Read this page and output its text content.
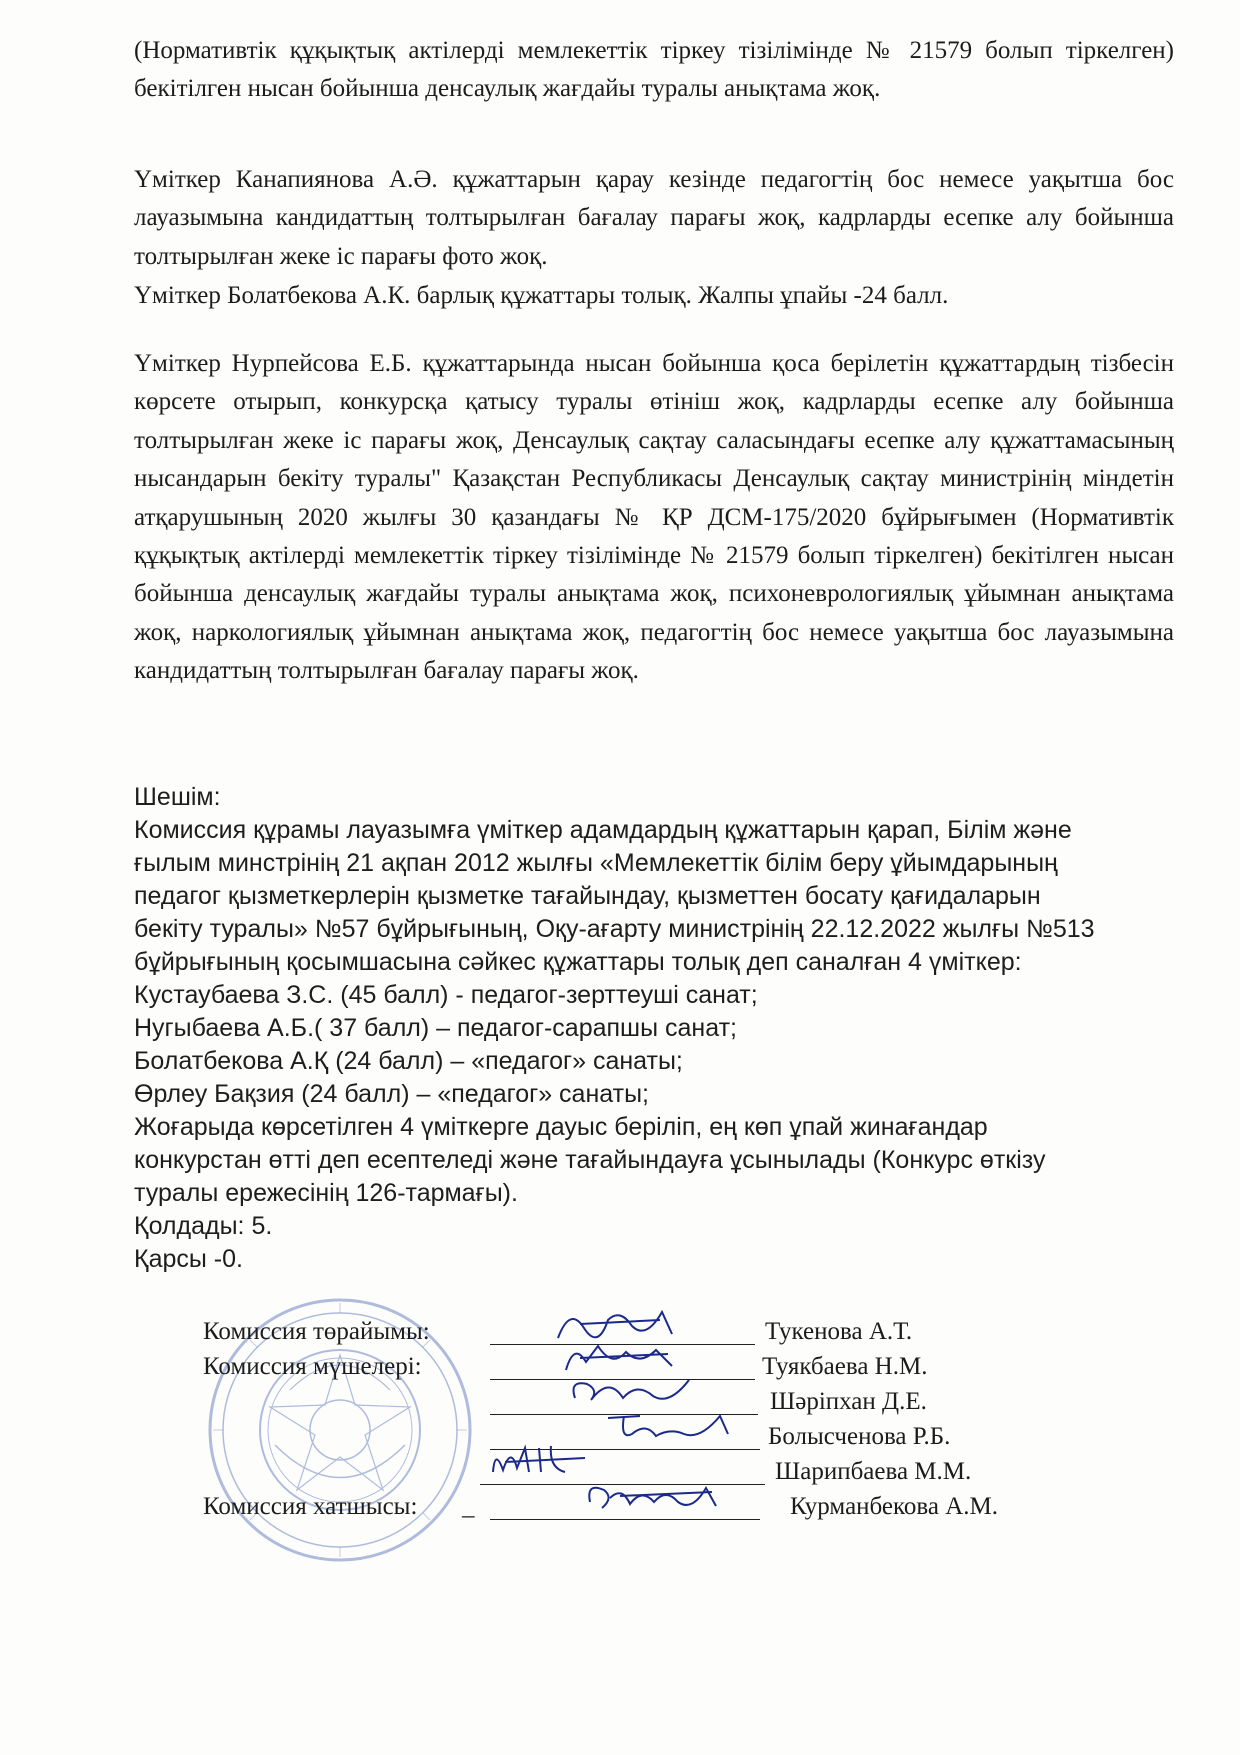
(Нормативтік құқықтық актілерді мемлекеттік тіркеу тізілімінде № 21579 болып тіркелген) бекітілген нысан бойынша денсаулық жағдайы туралы анықтама жоқ.

Үміткер Канапиянова А.Ә. құжаттарын қарау кезінде педагогтің бос немесе уақытша бос лауазымына кандидаттың толтырылған бағалау парағы жоқ, кадрларды есепке алу бойынша толтырылған жеке іс парағы фото жоқ.

Үміткер Болатбекова А.К. барлық құжаттары толық. Жалпы ұпайы -24 балл.

Үміткер Нурпейсова Е.Б. құжаттарында нысан бойынша қоса берілетін құжаттардың тізбесін көрсете отырып, конкурсқа қатысу туралы өтініш жоқ, кадрларды есепке алу бойынша толтырылған жеке іс парағы жоқ, Денсаулық сақтау саласындағы есепке алу құжаттамасының нысандарын бекіту туралы" Қазақстан Республикасы Денсаулық сақтау министрінің міндетін атқарушының 2020 жылғы 30 қазандағы № ҚР ДСМ-175/2020 бұйрығымен (Нормативтік құқықтық актілерді мемлекеттік тіркеу тізілімінде № 21579 болып тіркелген) бекітілген нысан бойынша денсаулық жағдайы туралы анықтама жоқ, психоневрологиялық ұйымнан анықтама жоқ, наркологиялық ұйымнан анықтама жоқ, педагогтің бос немесе уақытша бос лауазымына кандидаттың толтырылған бағалау парағы жоқ.

Шешім:
Комиссия құрамы лауазымға үміткер адамдардың құжаттарын қарап, Білім және
ғылым минстрінің 21 ақпан 2012 жылғы «Мемлекеттік білім беру ұйымдарының
педагог қызметкерлерін қызметке тағайындау, қызметтен босату қағидаларын
бекіту туралы» №57 бұйрығының, Оқу-ағарту министрінің 22.12.2022 жылғы №513
бұйрығының қосымшасына сәйкес құжаттары толық деп саналған 4 үміткер:
Кустаубаева З.С. (45 балл) - педагог-зерттеуші санат;
Нугыбаева А.Б.( 37 балл) – педагог-сарапшы санат;
Болатбекова А.Қ (24 балл) – «педагог» санаты;
Өрлеу Бақзия (24 балл) – «педагог» санаты;
Жоғарыда көрсетілген 4 үміткерге дауыс беріліп, ең көп ұпай жинағандар
конкурстан өтті деп есептеледі және тағайындауға ұсынылады (Конкурс өткізу
туралы ережесінің 126-тармағы).
Қолдады: 5.
Қарсы -0.
Комиссия төрайымы:	Тукенова А.Т.
Комиссия мүшелері:	Туякбаева Н.М.
Шәріпхан Д.Е.
Болысченова Р.Б.
Шарипбаева М.М.
Комиссия хатшысы: _	Курманбекова А.М.
